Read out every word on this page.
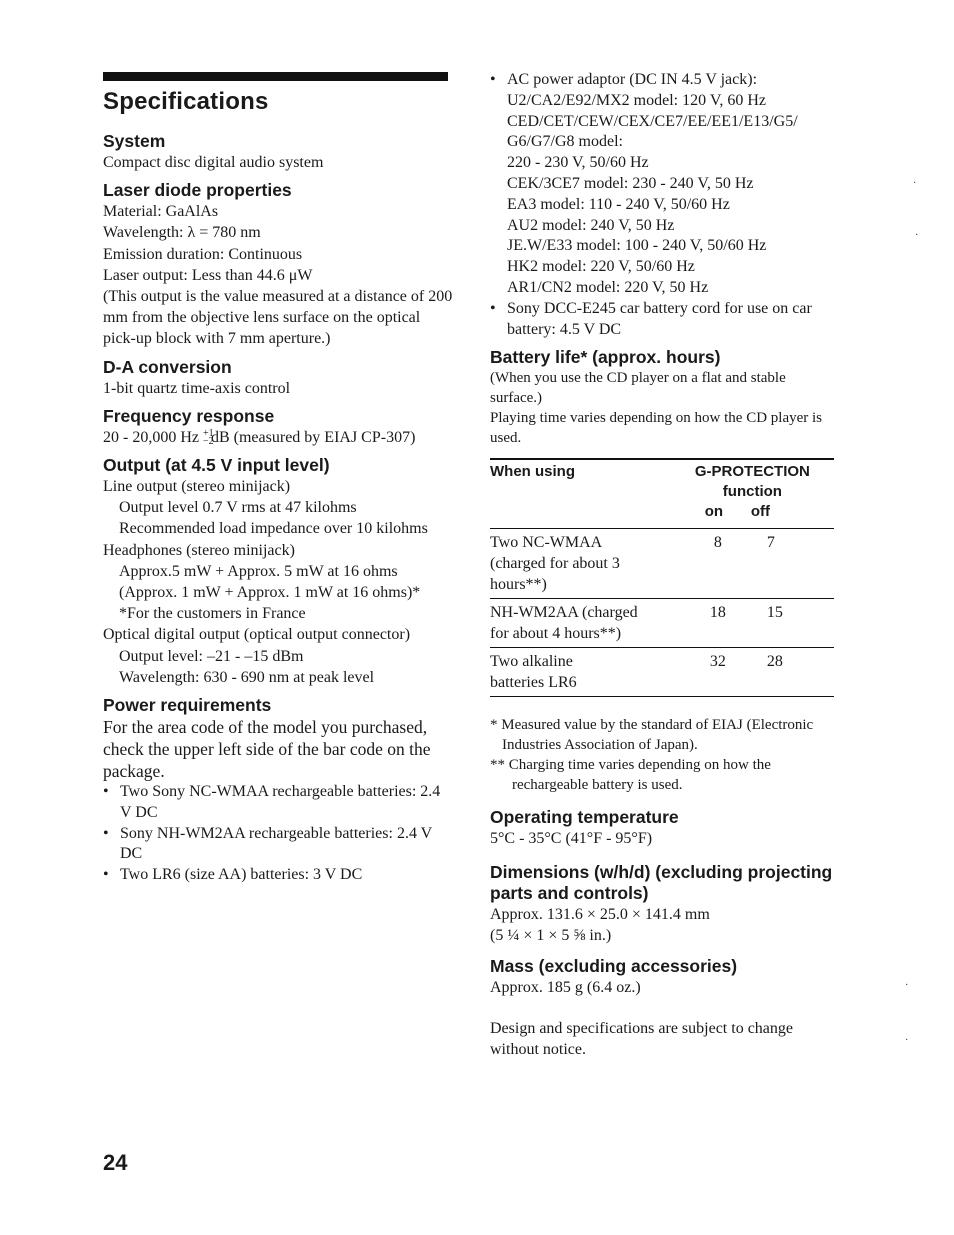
Specifications
System
Compact disc digital audio system
Laser diode properties
Material: GaAlAs
Wavelength: λ = 780 nm
Emission duration: Continuous
Laser output: Less than 44.6 μW
(This output is the value measured at a distance of 200 mm from the objective lens surface on the optical pick-up block with 7 mm aperture.)
D-A conversion
1-bit quartz time-axis control
Frequency response
20 - 20,000 Hz +1
−2
dB (measured by EIAJ CP-307)
Output (at 4.5 V input level)
Line output (stereo minijack)
Output level 0.7 V rms at 47 kilohms
Recommended load impedance over 10 kilohms
Headphones (stereo minijack)
Approx.5 mW + Approx. 5 mW at 16 ohms
(Approx. 1 mW + Approx. 1 mW at 16 ohms)*
*For the customers in France
Optical digital output (optical output connector)
Output level: –21 - –15 dBm
Wavelength: 630 - 690 nm at peak level
Power requirements
For the area code of the model you purchased, check the upper left side of the bar code on the package.
• Two Sony NC-WMAA rechargeable batteries: 2.4 V DC
• Sony NH-WM2AA rechargeable batteries: 2.4 V DC
• Two LR6 (size AA) batteries: 3 V DC
• AC power adaptor (DC IN 4.5 V jack):
U2/CA2/E92/MX2 model: 120 V, 60 Hz
CED/CET/CEW/CEX/CE7/EE/EE1/E13/G5/ G6/G7/G8 model:
220 - 230 V, 50/60 Hz
CEK/3CE7 model: 230 - 240 V, 50 Hz
EA3 model: 110 - 240 V, 50/60 Hz
AU2 model: 240 V, 50 Hz
JE.W/E33 model: 100 - 240 V, 50/60 Hz
HK2 model: 220 V, 50/60 Hz
AR1/CN2 model: 220 V, 50 Hz
• Sony DCC-E245 car battery cord for use on car battery: 4.5 V DC
Battery life* (approx. hours)
(When you use the CD player on a flat and stable surface.)
Playing time varies depending on how the CD player is used.
When using	G-PROTECTION function
on off	

Two NC-WMAA (charged for about 3 hours**)	8	7
NH-WM2AA (charged for about 4 hours**)	18	15
Two alkaline batteries LR6	32	28
* Measured value by the standard of EIAJ (Electronic Industries Association of Japan).
** Charging time varies depending on how the rechargeable battery is used.
Operating temperature
5°C - 35°C (41°F - 95°F)
Dimensions (w/h/d) (excluding projecting parts and controls)
Approx. 131.6 × 25.0 × 141.4 mm
(5 ¼ × 1 × 5 ⅝ in.)
Mass (excluding accessories)
Approx. 185 g (6.4 oz.)
Design and specifications are subject to change without notice.
24
·
·
·
·
